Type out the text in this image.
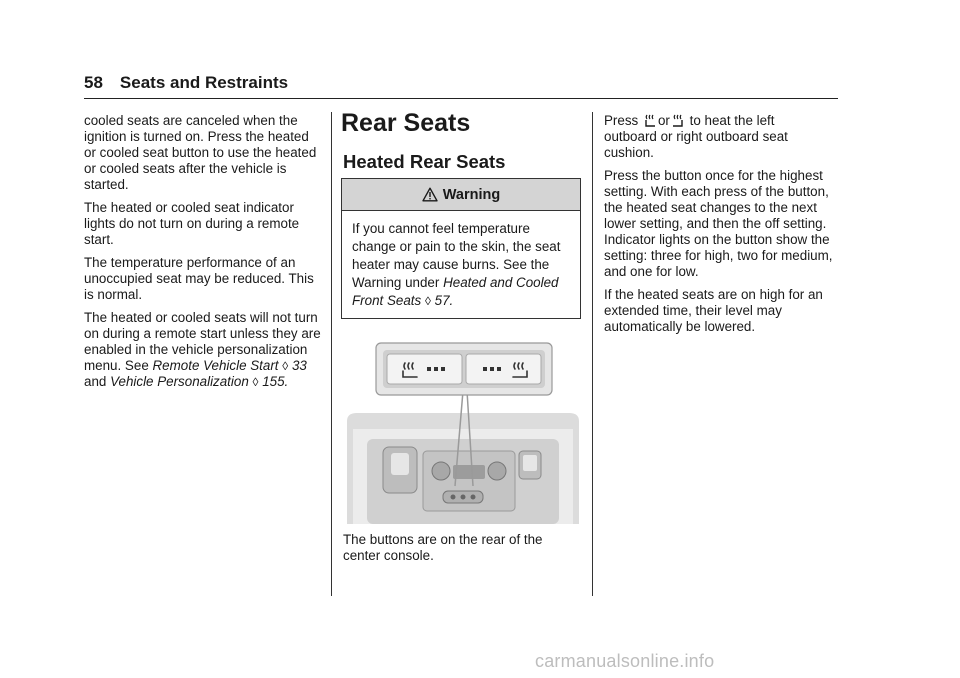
58 Seats and Restraints

cooled seats are canceled when the ignition is turned on. Press the heated or cooled seat button to use the heated or cooled seats after the vehicle is started.

The heated or cooled seat indicator lights do not turn on during a remote start.

The temperature performance of an unoccupied seat may be reduced. This is normal.

The heated or cooled seats will not turn on during a remote start unless they are enabled in the vehicle personalization menu. See Remote Vehicle Start ◊ 33 and Vehicle Personalization ◊ 155.

Rear Seats
Heated Rear Seats
Warning
If you cannot feel temperature change or pain to the skin, the seat heater may cause burns. See the Warning under Heated and Cooled Front Seats ◊ 57.
The buttons are on the rear of the center console.

Press or to heat the left
outboard or right outboard seat cushion.

Press the button once for the highest setting. With each press of the button, the heated seat changes to the next lower setting, and then the off setting. Indicator lights on the button show the setting: three for high, two for medium, and one for low.

If the heated seats are on high for an extended time, their level may automatically be lowered.

carmanualsonline.info
